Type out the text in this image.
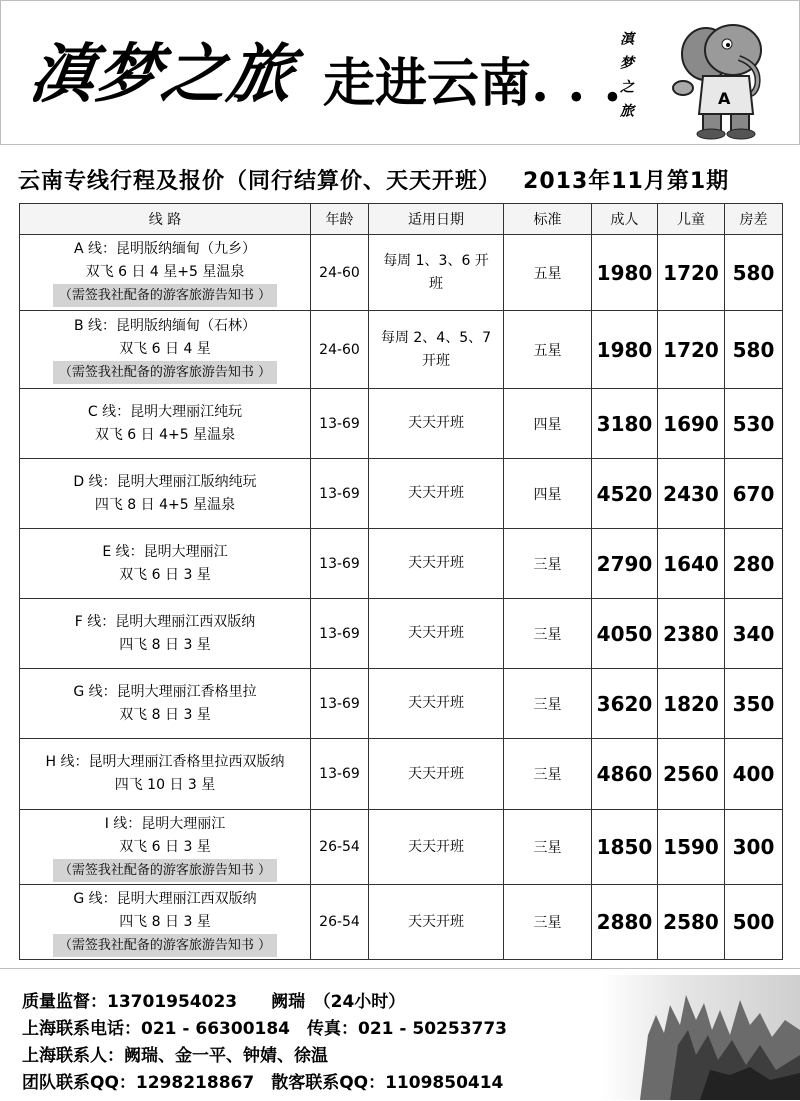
滇梦之旅 走进云南. . .
滇梦之旅	A
云南专线行程及报价（同行结算价、天天开班） 2013年11月第1期
线 路	年龄	适用日期	标准	成人	儿童	房差

A 线：昆明版纳缅甸（九乡）
双飞 6 日 4 星+5 星温泉
（需签我社配备的游客旅游告知书 ）	24-60	每周 1、3、6 开班	五星	1980	1720	580

B 线：昆明版纳缅甸（石林）
双飞 6 日 4 星
（需签我社配备的游客旅游告知书 ）	24-60	每周 2、4、5、7 开班	五星	1980	1720	580

C 线：昆明大理丽江纯玩
双飞 6 日 4+5 星温泉	13-69	天天开班	四星	3180	1690	530

D 线：昆明大理丽江版纳纯玩
四飞 8 日 4+5 星温泉	13-69	天天开班	四星	4520	2430	670

E 线：昆明大理丽江
双飞 6 日 3 星	13-69	天天开班	三星	2790	1640	280

F 线：昆明大理丽江西双版纳
四飞 8 日 3 星	13-69	天天开班	三星	4050	2380	340

G 线：昆明大理丽江香格里拉
双飞 8 日 3 星	13-69	天天开班	三星	3620	1820	350

H 线：昆明大理丽江香格里拉西双版纳
四飞 10 日 3 星	13-69	天天开班	三星	4860	2560	400

I 线：昆明大理丽江
双飞 6 日 3 星
（需签我社配备的游客旅游告知书 ）	26-54	天天开班	三星	1850	1590	300

G 线：昆明大理丽江西双版纳
四飞 8 日 3 星
（需签我社配备的游客旅游告知书 ）	26-54	天天开班	三星	2880	2580	500
质量监督：13701954023　　阙瑞　（24小时）
上海联系电话：021 - 66300184　传真：021 - 50253773
上海联系人：阙瑞、金一平、钟婧、徐温
团队联系QQ：1298218867　散客联系QQ：1109850414
